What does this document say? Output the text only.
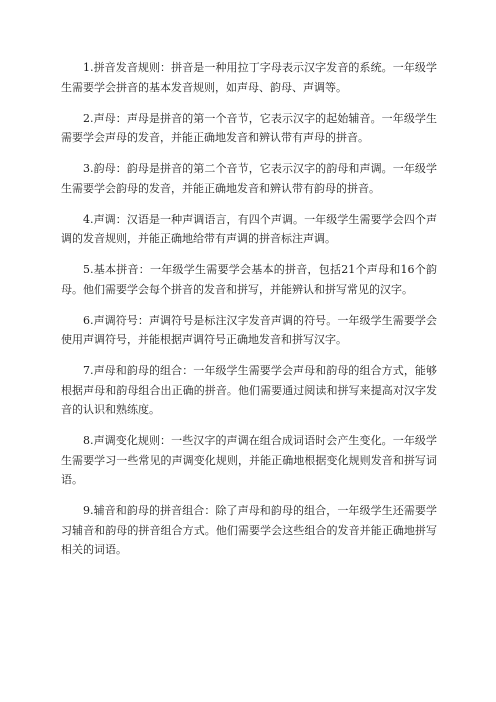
1.拼音发音规则：拼音是一种用拉丁字母表示汉字发音的系统。一年级学生需要学会拼音的基本发音规则，如声母、韵母、声调等。

2.声母：声母是拼音的第一个音节，它表示汉字的起始辅音。一年级学生需要学会声母的发音，并能正确地发音和辨认带有声母的拼音。

3.韵母：韵母是拼音的第二个音节，它表示汉字的韵母和声调。一年级学生需要学会韵母的发音，并能正确地发音和辨认带有韵母的拼音。

4.声调：汉语是一种声调语言，有四个声调。一年级学生需要学会四个声调的发音规则，并能正确地给带有声调的拼音标注声调。

5.基本拼音：一年级学生需要学会基本的拼音，包括21个声母和16个韵母。他们需要学会每个拼音的发音和拼写，并能辨认和拼写常见的汉字。

6.声调符号：声调符号是标注汉字发音声调的符号。一年级学生需要学会使用声调符号，并能根据声调符号正确地发音和拼写汉字。

7.声母和韵母的组合：一年级学生需要学会声母和韵母的组合方式，能够根据声母和韵母组合出正确的拼音。他们需要通过阅读和拼写来提高对汉字发音的认识和熟练度。

8.声调变化规则：一些汉字的声调在组合成词语时会产生变化。一年级学生需要学习一些常见的声调变化规则，并能正确地根据变化规则发音和拼写词语。

9.辅音和韵母的拼音组合：除了声母和韵母的组合，一年级学生还需要学习辅音和韵母的拼音组合方式。他们需要学会这些组合的发音并能正确地拼写相关的词语。
